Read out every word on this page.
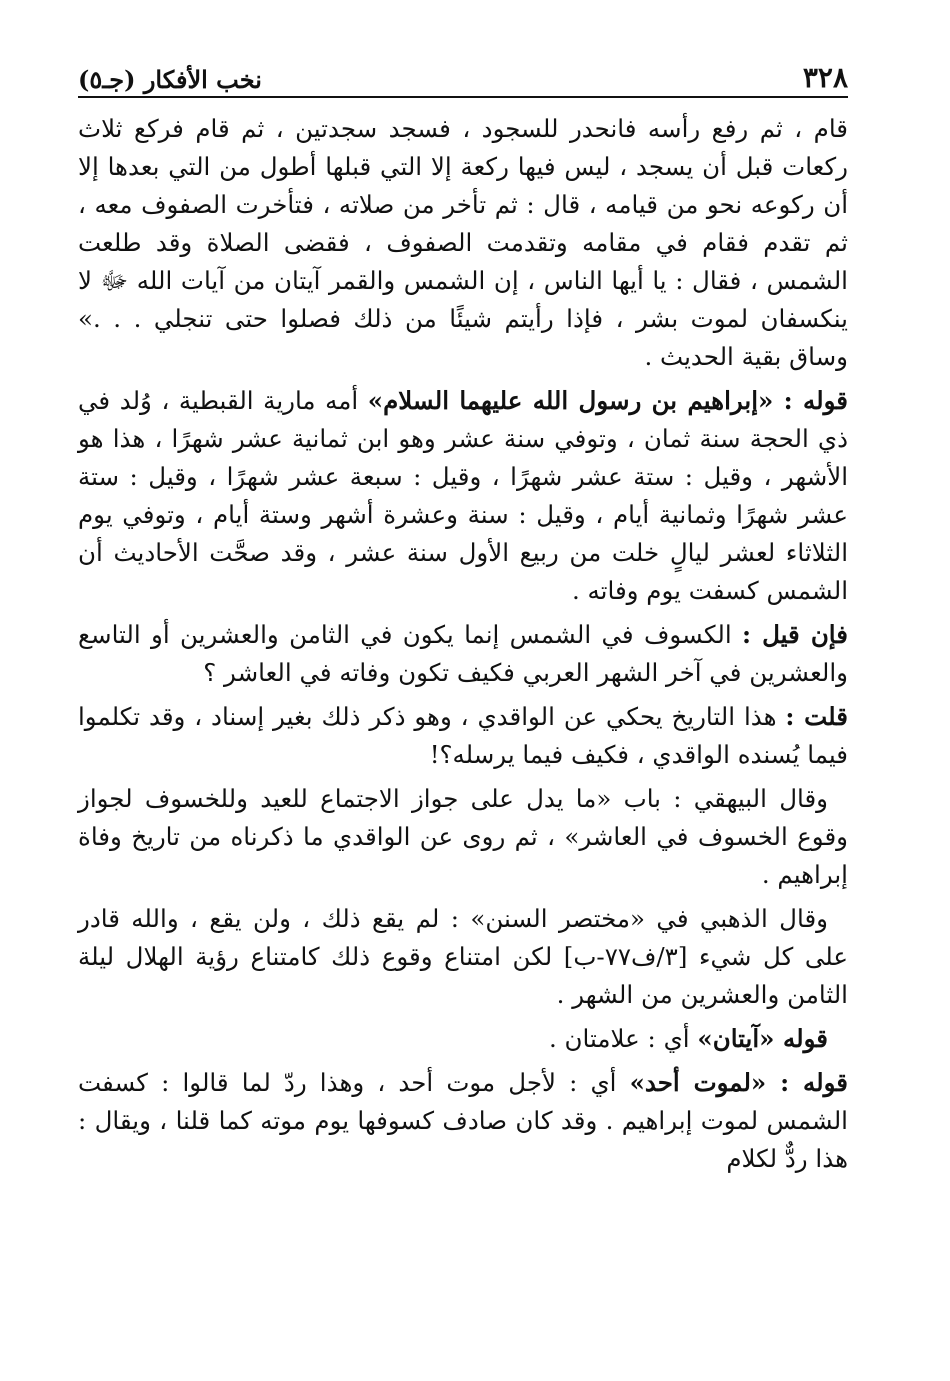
٣٢٨
نخب الأفكار (جـ٥)

قام ، ثم رفع رأسه فانحدر للسجود ، فسجد سجدتين ، ثم قام فركع ثلاث ركعات قبل أن يسجد ، ليس فيها ركعة إلا التي قبلها أطول من التي بعدها إلا أن ركوعه نحو من قيامه ، قال : ثم تأخر من صلاته ، فتأخرت الصفوف معه ، ثم تقدم فقام في مقامه وتقدمت الصفوف ، فقضى الصلاة وقد طلعت الشمس ، فقال : يا أيها الناس ، إن الشمس والقمر آيتان من آيات الله ﷻ لا ينكسفان لموت بشر ، فإذا رأيتم شيئًا من ذلك فصلوا حتى تنجلي . . .» وساق بقية الحديث .

قوله : «إبراهيم بن رسول الله عليهما السلام» أمه مارية القبطية ، وُلد في ذي الحجة سنة ثمان ، وتوفي سنة عشر وهو ابن ثمانية عشر شهرًا ، هذا هو الأشهر ، وقيل : ستة عشر شهرًا ، وقيل : سبعة عشر شهرًا ، وقيل : ستة عشر شهرًا وثمانية أيام ، وقيل : سنة وعشرة أشهر وستة أيام ، وتوفي يوم الثلاثاء لعشر ليالٍ خلت من ربيع الأول سنة عشر ، وقد صحَّت الأحاديث أن الشمس كسفت يوم وفاته .

فإن قيل : الكسوف في الشمس إنما يكون في الثامن والعشرين أو التاسع والعشرين في آخر الشهر العربي فكيف تكون وفاته في العاشر ؟

قلت : هذا التاريخ يحكي عن الواقدي ، وهو ذكر ذلك بغير إسناد ، وقد تكلموا فيما يُسنده الواقدي ، فكيف فيما يرسله؟!

وقال البيهقي : باب «ما يدل على جواز الاجتماع للعيد وللخسوف لجواز وقوع الخسوف في العاشر» ، ثم روى عن الواقدي ما ذكرناه من تاريخ وفاة إبراهيم .

وقال الذهبي في «مختصر السنن» : لم يقع ذلك ، ولن يقع ، والله قادر على كل شيء [٣/ف٧٧-ب] لكن امتناع وقوع ذلك كامتناع رؤية الهلال ليلة الثامن والعشرين من الشهر .

قوله «آيتان» أي : علامتان .

قوله : «لموت أحد» أي : لأجل موت أحد ، وهذا ردّ لما قالوا : كسفت الشمس لموت إبراهيم . وقد كان صادف كسوفها يوم موته كما قلنا ، ويقال : هذا ردٌّ لكلام
